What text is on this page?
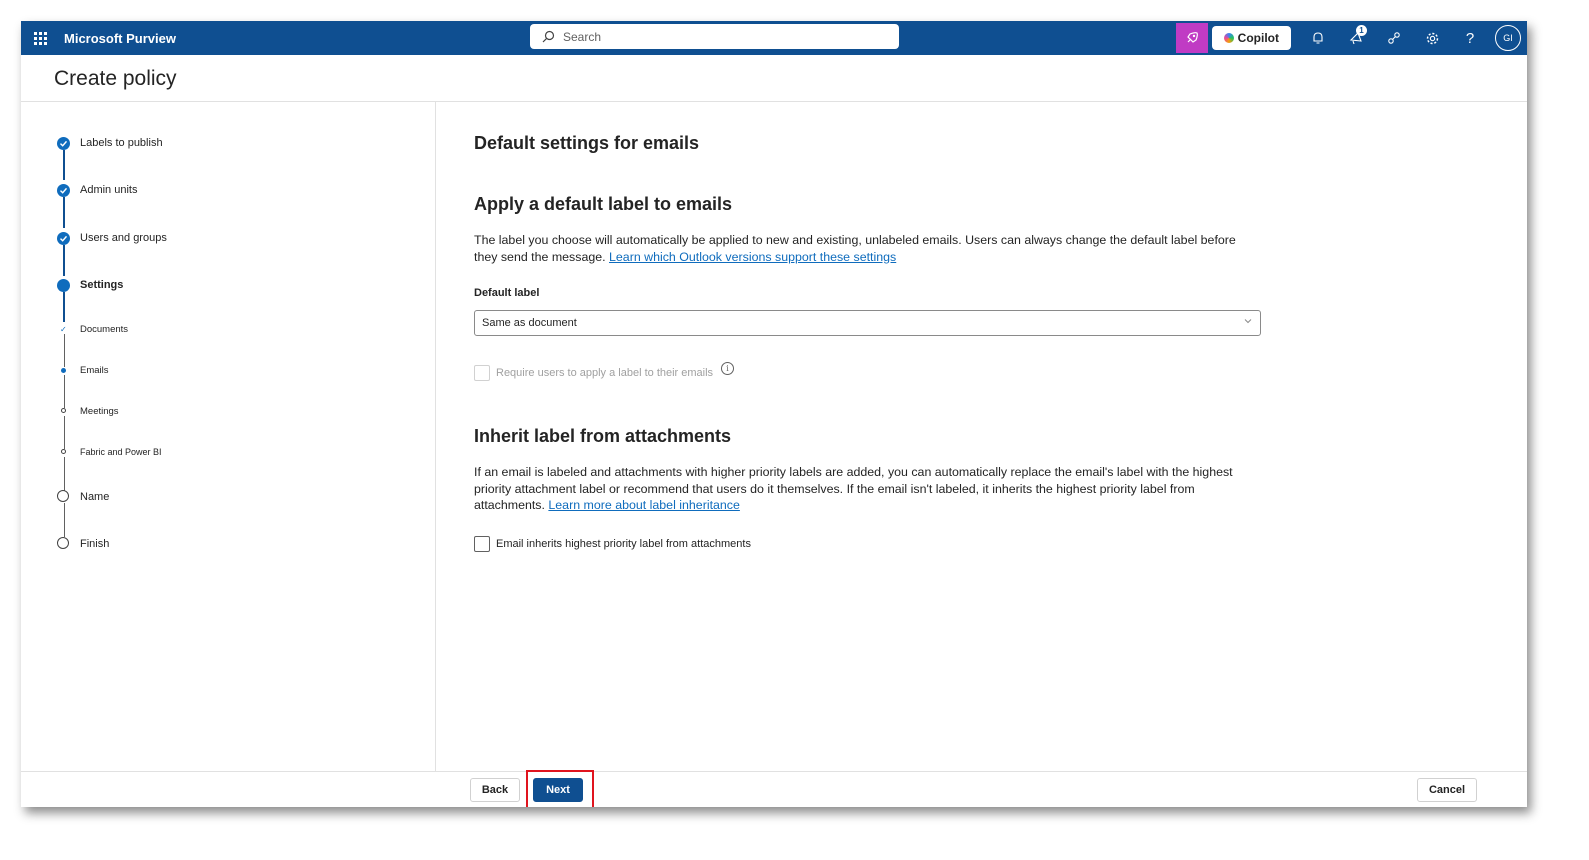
Microsoft Purview	Search	Copilot
1	?	GI
Create policy
Labels to publish
Admin units
Users and groups
Settings
✓ Documents
Emails
Meetings
Fabric and Power BI
Name
Finish
Default settings for emails
Apply a default label to emails

The label you choose will automatically be applied to new and existing, unlabeled emails. Users can always change the default label before they send the message. Learn which Outlook versions support these settings

Default label
Same as document
Require users to apply a label to their emails	i
Inherit label from attachments

If an email is labeled and attachments with higher priority labels are added, you can automatically replace the email's label with the highest priority attachment label or recommend that users do it themselves. If the email isn't labeled, it inherits the highest priority label from attachments. Learn more about label inheritance

Email inherits highest priority label from attachments
Back	Next	Cancel
